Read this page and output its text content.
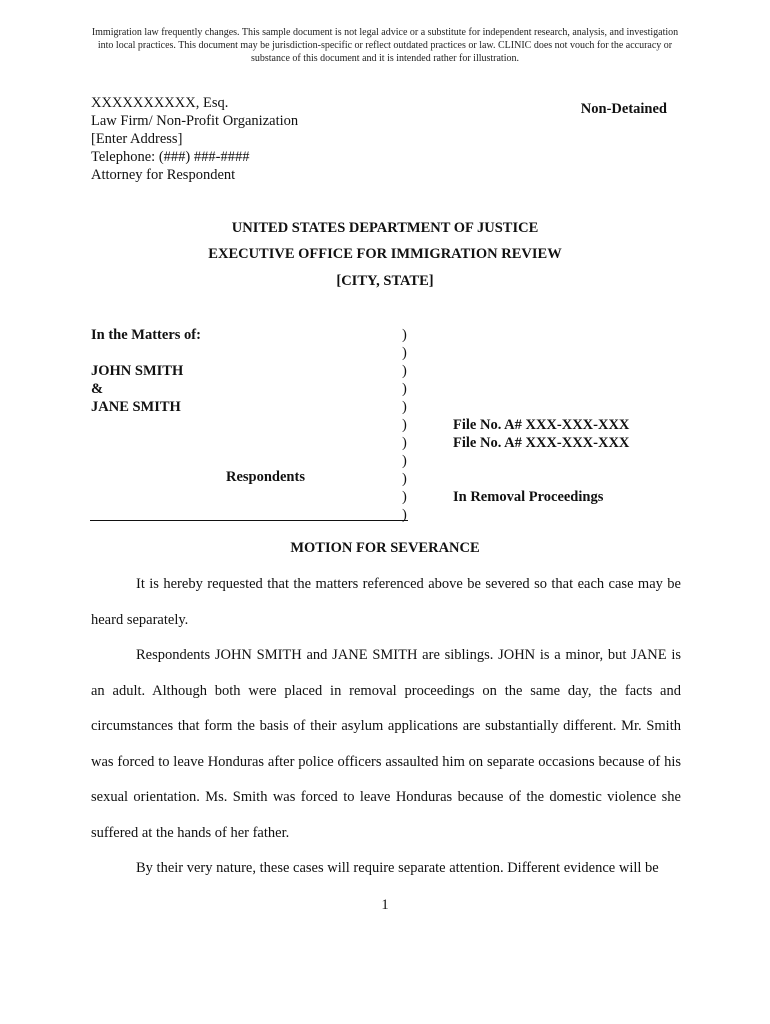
Immigration law frequently changes. This sample document is not legal advice or a substitute for independent research, analysis, and investigation into local practices. This document may be jurisdiction-specific or reflect outdated practices or law. CLINIC does not vouch for the accuracy or substance of this document and it is intended rather for illustration.
XXXXXXXXXX, Esq.
Law Firm/ Non-Profit Organization
[Enter Address]
Telephone: (###) ###-####
Attorney for Respondent
Non-Detained
UNITED STATES DEPARTMENT OF JUSTICE
EXECUTIVE OFFICE FOR IMMIGRATION REVIEW
[CITY, STATE]
In the Matters of:
JOHN SMITH
&
JANE SMITH
Respondents
)
)
)
)
)
)
)
)
)
)
)
File No. A# XXX-XXX-XXX
File No. A# XXX-XXX-XXX
In Removal Proceedings
MOTION FOR SEVERANCE

It is hereby requested that the matters referenced above be severed so that each case may be heard separately.

Respondents JOHN SMITH and JANE SMITH are siblings. JOHN is a minor, but JANE is an adult. Although both were placed in removal proceedings on the same day, the facts and circumstances that form the basis of their asylum applications are substantially different. Mr. Smith was forced to leave Honduras after police officers assaulted him on separate occasions because of his sexual orientation. Ms. Smith was forced to leave Honduras because of the domestic violence she suffered at the hands of her father.

By their very nature, these cases will require separate attention. Different evidence will be

1
